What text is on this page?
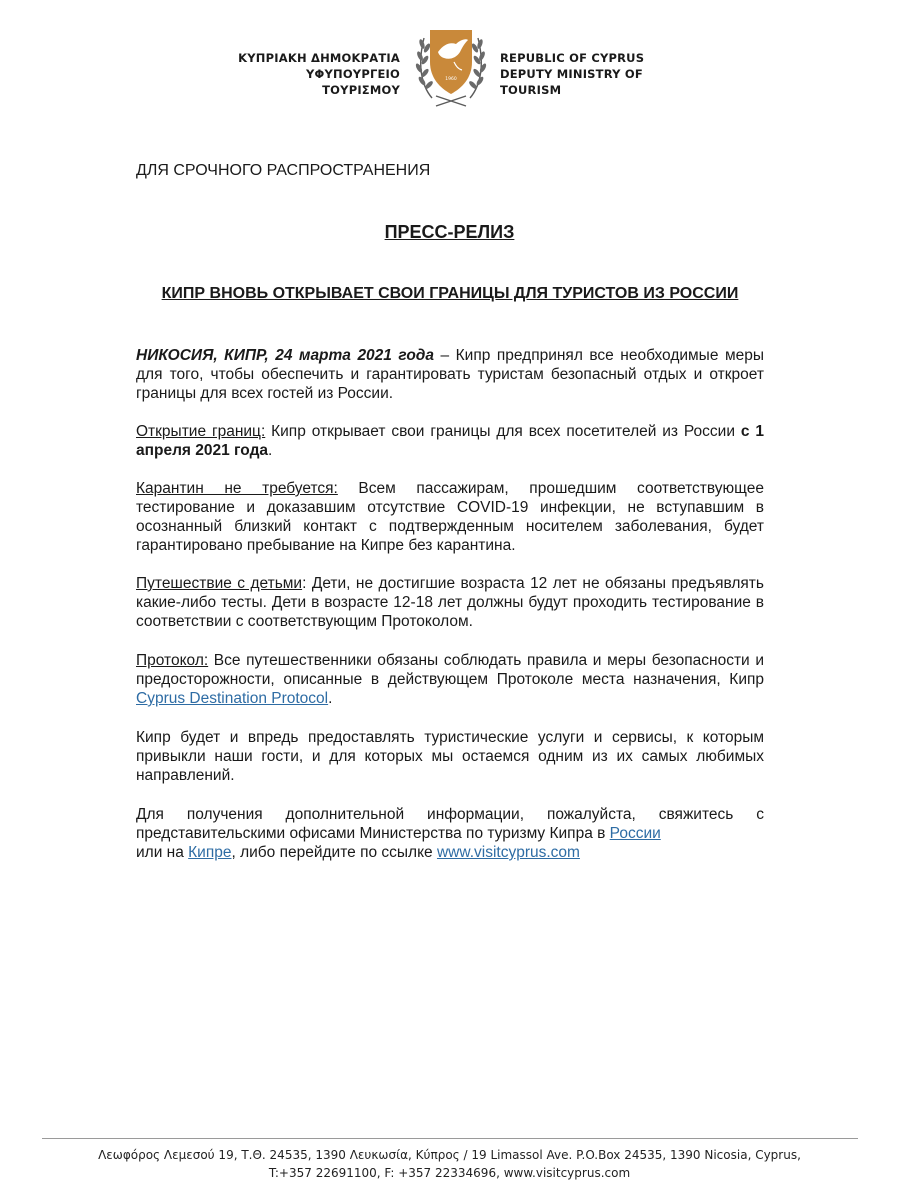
ΚΥΠΡΙΑΚΗ ΔΗΜΟΚΡΑΤΙΑ
ΥΦΥΠΟΥΡΓΕΙΟ ΤΟΥΡΙΣΜΟΥ
1960
REPUBLIC OF CYPRUS
DEPUTY MINISTRY OF TOURISM
ДЛЯ СРОЧНОГО РАСПРОСТРАНЕНИЯ
ПРЕСС-РЕЛИЗ
КИПР ВНОВЬ ОТКРЫВАЕТ СВОИ ГРАНИЦЫ ДЛЯ ТУРИСТОВ ИЗ РОССИИ

НИКОСИЯ, КИПР, 24 марта 2021 года – Кипр предпринял все необходимые меры для того, чтобы обеспечить и гарантировать туристам безопасный отдых и откроет границы для всех гостей из России.

Открытие границ: Кипр открывает свои границы для всех посетителей из России с 1 апреля 2021 года.

Карантин не требуется: Всем пассажирам, прошедшим соответствующее тестирование и доказавшим отсутствие COVID-19 инфекции, не вступавшим в осознанный близкий контакт с подтвержденным носителем заболевания, будет гарантировано пребывание на Кипре без карантина.

Путешествие с детьми: Дети, не достигшие возраста 12 лет не обязаны предъявлять какие-либо тесты. Дети в возрасте 12-18 лет должны будут проходить тестирование в соответствии с соответствующим Протоколом.

Протокол: Все путешественники обязаны соблюдать правила и меры безопасности и предосторожности, описанные в действующем Протоколе места назначения, Кипр Cyprus Destination Protocol.

Кипр будет и впредь предоставлять туристические услуги и сервисы, к которым привыкли наши гости, и для которых мы остаемся одним из их самых любимых направлений.

Для получения дополнительной информации, пожалуйста, свяжитесь с представительскими офисами Министерства по туризму Кипра в России
или на Кипре, либо перейдите по ссылке www.visitcyprus.com

Λεωφόρος Λεμεσού 19, Τ.Θ. 24535, 1390 Λευκωσία, Κύπρος / 19 Limassol Ave. P.O.Box 24535, 1390 Nicosia, Cyprus,
T:+357 22691100, F: +357 22334696, www.visitcyprus.com
